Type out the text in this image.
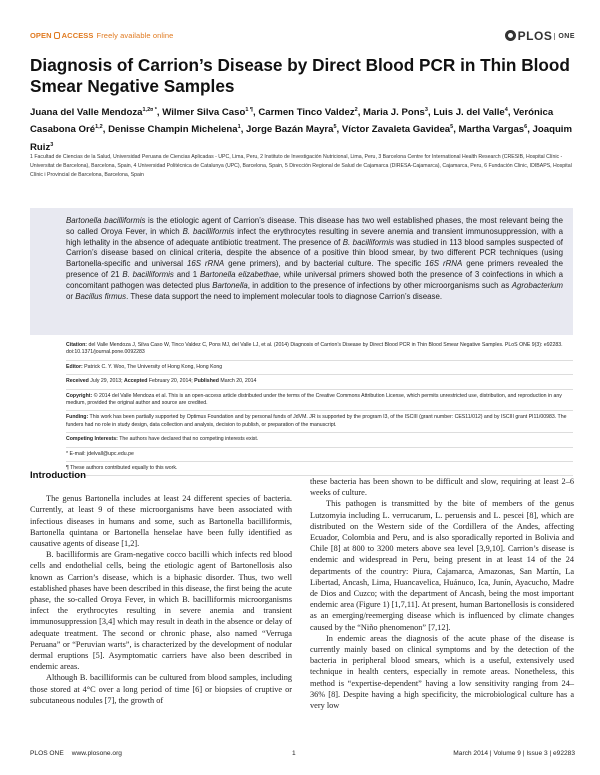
OPEN ACCESS Freely available online	PLOS ONE
Diagnosis of Carrion’s Disease by Direct Blood PCR in Thin Blood Smear Negative Samples
Juana del Valle Mendoza$^{1,2¤ *}$, Wilmer Silva Caso$^{1 \P}$, Carmen Tinco Valdez$^2$, Maria J. Pons$^3$, Luis J. del Valle$^4$, Verónica Casabona Oré$^{1,2}$, Denisse Champin Michelena$^1$, Jorge Bazán Mayra$^5$, Víctor Zavaleta Gavidea$^5$, Martha Vargas$^6$, Joaquim Ruiz$^3$
1 Facultad de Ciencias de la Salud, Universidad Peruana de Ciencias Aplicadas - UPC, Lima, Peru, 2 Instituto de Investigación Nutricional, Lima, Peru, 3 Barcelona Centre for International Health Research (CRESIB, Hospital Clínic - Universitat de Barcelona), Barcelona, Spain, 4 Universidad Politécnica de Catalunya (UPC), Barcelona, Spain, 5 Dirección Regional de Salud de Cajamarca (DIRESA-Cajamarca), Cajamarca, Peru, 6 Fundación Clinic, IDIBAPS, Hospital Clínic i Provincial de Barcelona, Barcelona, Spain

Bartonella bacilliformis is the etiologic agent of Carrion’s disease. This disease has two well established phases, the most relevant being the so called Oroya Fever, in which B. bacilliformis infect the erythrocytes resulting in severe anemia and transient immunosuppression, with a high lethality in the absence of adequate antibiotic treatment. The presence of B. bacilliformis was studied in 113 blood samples suspected of Carrion’s disease based on clinical criteria, despite the absence of a positive thin blood smear, by two different PCR techniques (using Bartonella-specific and universal 16S rRNA gene primers), and by bacterial culture. The specific 16S rRNA gene primers revealed the presence of 21 B. bacilliformis and 1 Bartonella elizabethae, while universal primers showed both the presence of 3 coinfections in which a concomitant pathogen was detected plus Bartonella, in addition to the presence of infections by other microorganisms such as Agrobacterium or Bacillus firmus. These data support the need to implement molecular tools to diagnose Carrion’s disease.

Citation: del Valle Mendoza J, Silva Caso W, Tinco Valdez C, Pons MJ, del Valle LJ, et al. (2014) Diagnosis of Carrion’s Disease by Direct Blood PCR in Thin Blood Smear Negative Samples. PLoS ONE 9(3): e92283. doi:10.1371/journal.pone.0092283
Editor: Patrick C. Y. Woo, The University of Hong Kong, Hong Kong
Received July 29, 2013; Accepted February 20, 2014; Published March 20, 2014
Copyright: © 2014 del Valle Mendoza et al. This is an open-access article distributed under the terms of the Creative Commons Attribution License, which permits unrestricted use, distribution, and reproduction in any medium, provided the original author and source are credited.
Funding: This work has been partially supported by Optimus Foundation and by personal funds of JdVM. JR is supported by the program I3, of the ISCIII (grant number: CES11/012) and by ISCIII grant PI11/00983. The funders had no role in study design, data collection and analysis, decision to publish, or preparation of the manuscript.
Competing Interests: The authors have declared that no competing interests exist.
* E-mail: jdelvall@upc.edu.pe
¶ These authors contributed equally to this work.
Introduction

The genus Bartonella includes at least 24 different species of bacteria. Currently, at least 9 of these microorganisms have been associated with infectious diseases in humans and some, such as Bartonella bacilliformis, Bartonella quintana or Bartonella henselae have been fully identified as causative agents of disease [1,2].

B. bacilliformis are Gram-negative cocco bacilli which infects red blood cells and endothelial cells, being the etiologic agent of Bartonellosis also known as Carrion’s disease, which is a biphasic disorder. Thus, two well established phases have been described in this disease, the first being the acute phase, the so-called Oroya Fever, in which B. bacilliformis microorganisms infect the erythrocytes resulting in severe anemia and transient immunosuppression [3,4] which may result in death in the absence or delay of adequate treatment. The second or chronic phase, also named “Verruga Peruana” or “Peruvian warts”, is characterized by the development of nodular dermal eruptions [5]. Asymptomatic carriers have also been described in endemic areas.

Although B. bacilliformis can be cultured from blood samples, including those stored at 4°C over a long period of time [6] or biopsies of cruptive or subcutaneous nodules [7], the growth of

these bacteria has been shown to be difficult and slow, requiring at least 2–6 weeks of culture.

This pathogen is transmitted by the bite of members of the genus Lutzomyia including L. verrucarum, L. peruensis and L. pescei [8], which are distributed on the Western side of the Cordillera of the Andes, affecting Ecuador, Colombia and Peru, and is also sporadically reported in Bolivia and Chile [8] at 800 to 3200 meters above sea level [3,9,10]. Carrion’s disease is endemic and widespread in Peru, being present in at least 14 of the 24 departments of the country: Piura, Cajamarca, Amazonas, San Martín, La Libertad, Ancash, Lima, Huancavelica, Huánuco, Ica, Junín, Ayacucho, Madre de Dios and Cuzco; with the department of Ancash, being the most important endemic area (Figure 1) [1,7,11]. At present, human Bartonellosis is considered as an emerging/reemerging disease which is influenced by climate changes caused by the “Niño phenomenon” [7,12].

In endemic areas the diagnosis of the acute phase of the disease is currently mainly based on clinical symptoms and by the detection of the bacteria in peripheral blood smears, which is a useful, extensively used technique in health centers, especially in remote areas. Nonetheless, this method is “expertise-dependent” having a low sensitivity ranging from 24–36% [8]. Despite having a high specificity, the microbiological culture has a very low

PLOS ONE www.plosone.org	1	March 2014 | Volume 9 | Issue 3 | e92283
